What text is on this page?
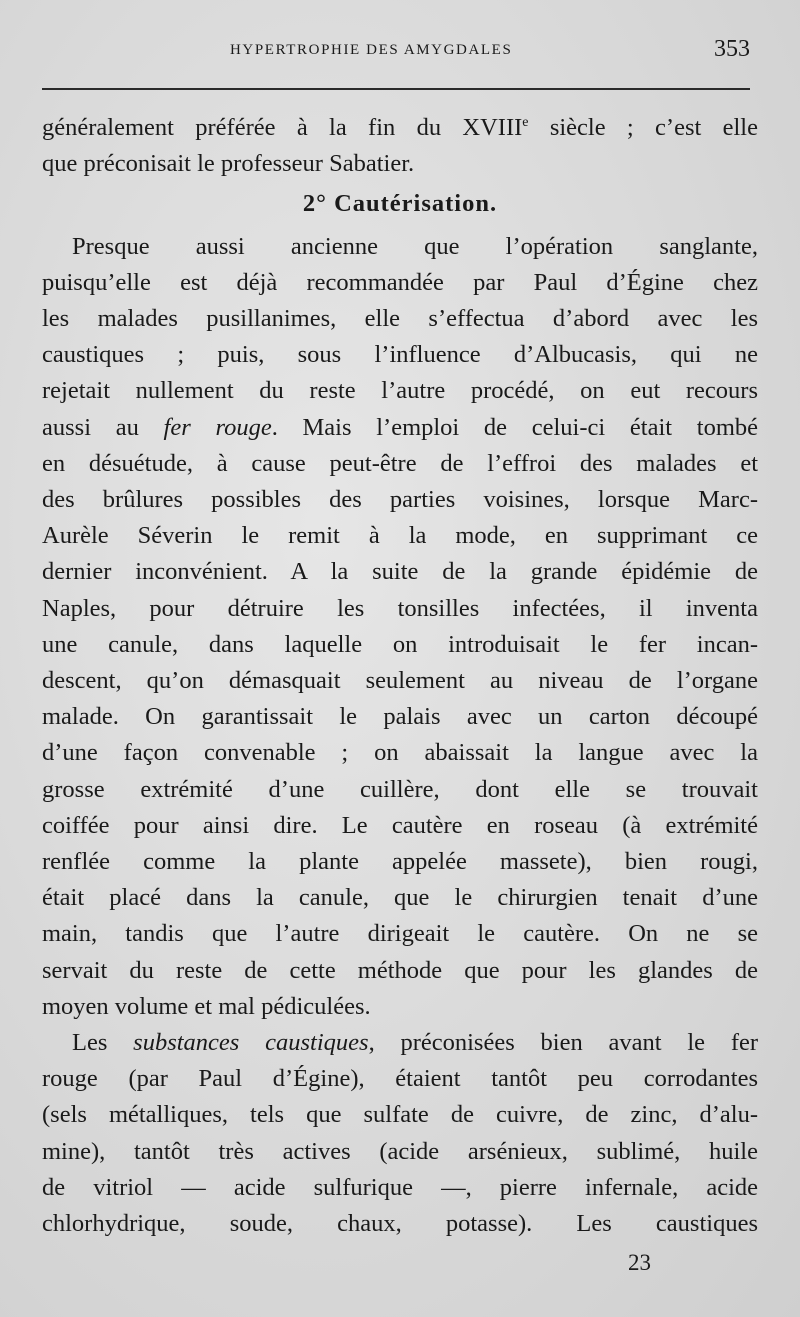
HYPERTROPHIE DES AMYGDALES	353
généralement préférée à la fin du XVIIIe siècle ; c’est elle
que préconisait le professeur Sabatier.
2° Cautérisation.
Presque aussi ancienne que l’opération sanglante,
puisqu’elle est déjà recommandée par Paul d’Égine chez
les malades pusillanimes, elle s’effectua d’abord avec les
caustiques ; puis, sous l’influence d’Albucasis, qui ne
rejetait nullement du reste l’autre procédé, on eut recours
aussi au fer rouge. Mais l’emploi de celui-ci était tombé
en désuétude, à cause peut-être de l’effroi des malades et
des brûlures possibles des parties voisines, lorsque Marc-
Aurèle Séverin le remit à la mode, en supprimant ce
dernier inconvénient. A la suite de la grande épidémie de
Naples, pour détruire les tonsilles infectées, il inventa
une canule, dans laquelle on introduisait le fer incan-
descent, qu’on démasquait seulement au niveau de l’organe
malade. On garantissait le palais avec un carton découpé
d’une façon convenable ; on abaissait la langue avec la
grosse extrémité d’une cuillère, dont elle se trouvait
coiffée pour ainsi dire. Le cautère en roseau (à extrémité
renflée comme la plante appelée massete), bien rougi,
était placé dans la canule, que le chirurgien tenait d’une
main, tandis que l’autre dirigeait le cautère. On ne se
servait du reste de cette méthode que pour les glandes de
moyen volume et mal pédiculées.
Les substances caustiques, préconisées bien avant le fer
rouge (par Paul d’Égine), étaient tantôt peu corrodantes
(sels métalliques, tels que sulfate de cuivre, de zinc, d’alu-
mine), tantôt très actives (acide arsénieux, sublimé, huile
de vitriol — acide sulfurique —, pierre infernale, acide
chlorhydrique, soude, chaux, potasse). Les caustiques
23
